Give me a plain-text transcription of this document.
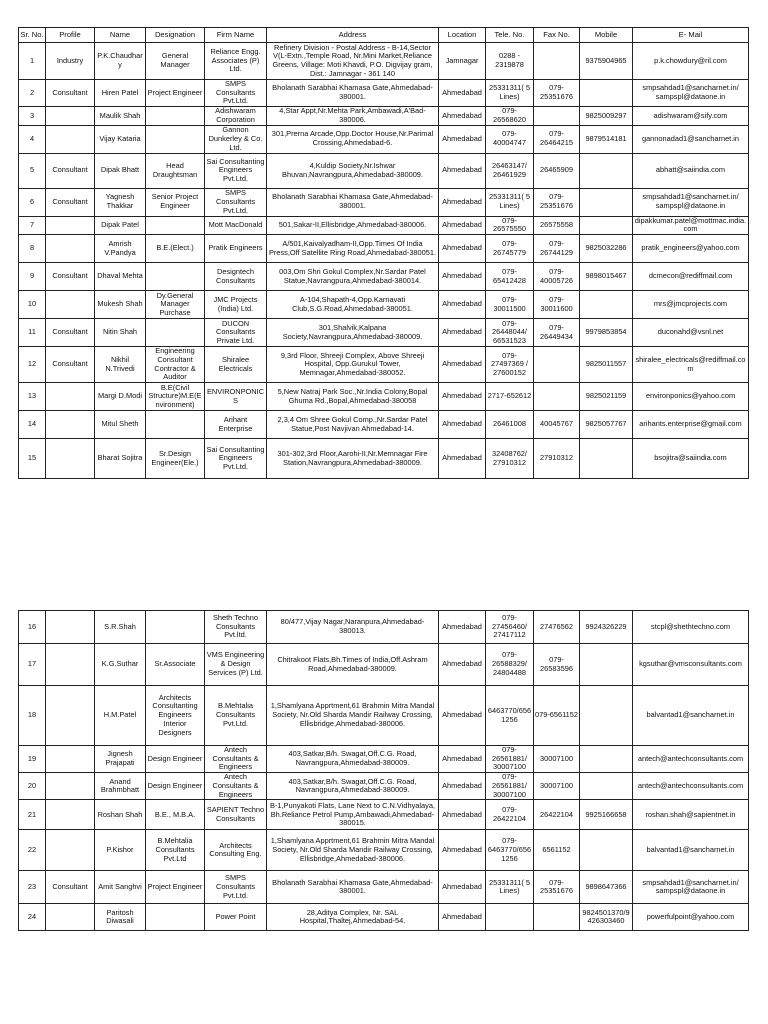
Sr. No.	Profile	Name	Designation	Firm Name	Address	Location	Tele. No.	Fax No.	Mobile	E- Mail
1	Industry	P.K.Chaudhary	General Manager	Reliance Engg. Associates (P) Ltd.	Refinery Division - Postal Address - B-14,Sector V(L-Extn.,Temple Road, Nr.Mini Market,Reliance Greens, Village: Moti Khavdi, P.O. Digvijay gram, Dist.: Jamnagar - 361 140	Jamnagar	0288 - 2319878		9375904965	p.k.chowdury@ril.com
2	Consultant	Hiren Patel	Project Engineer	SMPS Consultants Pvt.Ltd.	Bholanath Sarabhai Khamasa Gate,Ahmedabad-380001.	Ahmedabad	25331311( 5 Lines)	079-25351676		smpsahdad1@sancharnet.in/ sampspl@dataone.in
3		Maulik Shah		Adishwaram Corporation	4,Star Appt,Nr.Mehta Park,Ambawadi,A'Bad-380006.	Ahmedabad	079-26568620		9825009297	adishwaram@sify.com
4		Vijay Kataria		Gannon Dunkerley & Co. Ltd.	301,Prerna Arcade,Opp.Doctor House,Nr.Parimal Crossing,Ahmedabad-6.	Ahmedabad	079-40004747	079-26464215	9879514181	gannonadad1@sancharnet.in
5	Consultant	Dipak Bhatt	Head Draughtsman	Sai Consultanting Engineers Pvt.Ltd.	4,Kuldip Society,Nr.Ishwar Bhuvan,Navrangpura,Ahmedabad-380009.	Ahmedabad	26463147/ 26461929	26465909		abhatt@saiindia.com
6	Consultant	Yagnesh Thakkar	Senior Project Engineer	SMPS Consultants Pvt.Ltd.	Bholanath Sarabhai Khamasa Gate,Ahmedabad-380001.	Ahmedabad	25331311( 5 Lines)	079-25351676		smpsahdad1@sancharnet.in/ sampspl@dataone.in
7		Dipak Patel		Mott MacDonald	501,Sakar-II,Ellisbridge,Ahmedabad-380006.	Ahmedabad	079-26575550	26575558		dipakkumar.patel@mottmac.india.com
8		Amrish V.Pandya	B.E.(Elect.)	Pratik Engineers	A/501,Kaivalyadham-II,Opp.Times Of India Press,Off Satellite Ring Road,Ahmedabad-380051.	Ahmedabad	079-26745779	079-26744129	9825032286	pratik_engineers@yahoo.com
9	Consultant	Dhaval Mehta		Designtech Consultants	003,Om Shri Gokul Complex,Nr.Sardar Patel Statue,Navrangpura,Ahmedabad-380014.	Ahmedabad	079-65412428	079-40005726	9898015467	dcmecon@rediffmail.com
10		Mukesh Shah	Dy.General Manager Purchase	JMC Projects (India) Ltd.	A-104,Shapath-4,Opp.Karnavati Club,S.G.Road,Ahmedabad-380051.	Ahmedabad	079-30011500	079-30011600		mrs@jmcprojects.com
11	Consultant	Nitin Shah		DUCON Consultants Private Ltd.	301,Shalvik,Kalpana Society,Navrangpura,Ahmedabad-380009.	Ahmedabad	079-26448044/ 66531523	079-26449434	9979853854	duconahd@vsnl.net
12	Consultant	Nikhil N.Trivedi	Engineering Consultant Contractor & Auditor	Shiralee Electricals	9,3rd Floor, Shreeji Complex, Above Shreeji Hospital, Opp.Gurukul Tower, Memnagar,Ahmedabad-380052.	Ahmedabad	079-27497369 / 27600152		9825011557	shiralee_electricals@rediffmail.com
13		Margi D.Modi	B.E(Civil Structure)M.E(Environment)	ENVIRONPONICS	5,New Natraj Park Soc.,Nr.India Colony,Bopal Ghuma Rd.,Bopal,Ahmedabad-380058	Ahmedabad	2717-652612		9825021159	environponics@yahoo.com
14		Mitul Sheth		Arihant Enterprise	2,3,4 Om Shree Gokul Comp.,Nr.Sardar Patel Statue,Post Navjivan Ahmedabad-14.	Ahmedabad	26461008	40045767	9825057767	arihants.enterprise@gmail.com
15		Bharat Sojitra	Sr.Design Engineer(Ele.)	Sai Consultanting Engineers Pvt.Ltd.	301-302,3rd Floor,Aarohi-II,Nr.Memnagar Fire Station,Navrangpura,Ahmedabad-380009.	Ahmedabad	32408762/ 27910312	27910312		bsojitra@saiindia.com
16		S.R.Shah		Sheth Techno Consultants Pvt.ltd.	80/477,Vijay Nagar,Naranpura,Ahmedabad-380013.	Ahmedabad	079-27456460/ 27417112	27476562	9924326229	stcpl@shethtechno.com
17		K.G.Suthar	Sr.Associate	VMS Engineering & Design Services (P) Ltd.	Chitrakoot Flats,Bh.Times of India,Off.Ashram Road,Ahmedabad-380009.	Ahmedabad	079-26588329/ 24804488	079-26583596		kgsuthar@vmsconsultants.com
18		H.M.Patel	Architects Consultanting Engineers Interior Designers	B.Mehtalia Consultants Pvt.Ltd.	1,Shamlyana Apprtment,61 Brahmin Mitra Mandal Society, Nr.Old Sharda Mandir Railway Crossing, Ellisbridge,Ahmedabad-380006.	Ahmedabad	6463770/6561256	079-6561152		balvantad1@sancharnet.in
19		Jignesh Prajapati	Design Engineer	Antech Consultants & Engineers	403,Satkar,B/h. Swagat,Off.C.G. Road, Navrangpura,Ahmedabad-380009.	Ahmedabad	079-26561881/ 30007100	30007100		antech@antechconsultants.com
20		Anand Brahmbhatt	Design Engineer	Antech Consultants & Engineers	403,Satkar,B/h. Swagat,Off.C.G. Road, Navrangpura,Ahmedabad-380009.	Ahmedabad	079-26561881/ 30007100	30007100		antech@antechconsultants.com
21		Roshan Shah	B.E., M.B.A.	SAPIENT Techno Consultants	B-1,Punyakoti Flats, Lane Next to C.N.Vidhyalaya, Bh.Reliance Petrol Pump,Ambawadi,Ahmedabad-380015.	Ahmedabad	079-26422104	26422104	9925166658	roshan.shah@sapientnet.in
22		P.Kishor	B.Mehtalia Consultants Pvt.Ltd	Architects Consulting Eng.	1,Shamlyana Apprtment,61 Brahmin Mitra Mandal Society, Nr.Old Sharda Mandir Railway Crossing, Ellisbridge,Ahmedabad-380006.	Ahmedabad	079-6463770/6561256	6561152		balvantad1@sancharnet.in
23	Consultant	Amit Sanghvi	Project Engineer	SMPS Consultants Pvt.Ltd.	Bholanath Sarabhai Khamasa Gate,Ahmedabad-380001.	Ahmedabad	25331311( 5 Lines)	079-25351676	9898647366	smpsahdad1@sancharnet.in/ sampspl@dataone.in
24		Paritosh Diwasali		Power Point	28,Aditya Complex, Nr. SAL Hospital,Thaltej,Ahmedabad-54.	Ahmedabad			9824501370/9426303460	powerfulpoint@yahoo.com
